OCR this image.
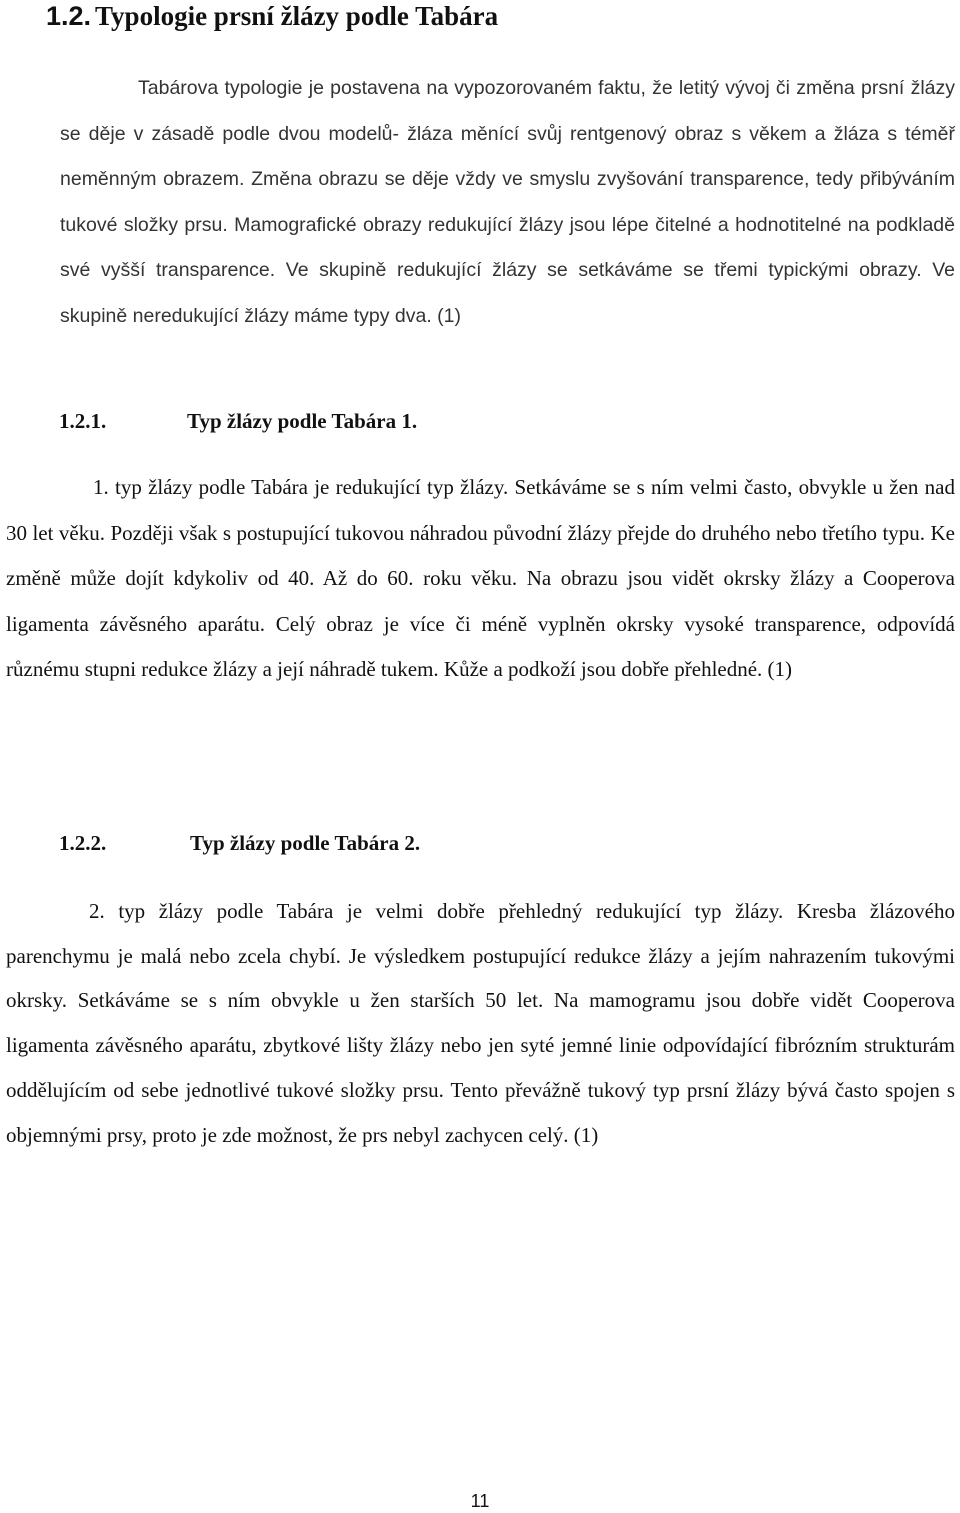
1.2. Typologie prsní žlázy podle Tabára

Tabárova typologie je postavena na vypozorovaném faktu, že letitý vývoj či změna prsní žlázy se děje v zásadě podle dvou modelů- žláza měnící svůj rentgenový obraz s věkem a žláza s téměř neměnným obrazem. Změna obrazu se děje vždy ve smyslu zvyšování transparence, tedy přibýváním tukové složky prsu. Mamografické obrazy redukující žlázy jsou lépe čitelné a hodnotitelné na podkladě své vyšší transparence. Ve skupině redukující žlázy se setkáváme se třemi typickými obrazy. Ve skupině neredukující žlázy máme typy dva. (1)

1.2.1.	Typ žlázy podle Tabára 1.

1. typ žlázy podle Tabára je redukující typ žlázy. Setkáváme se s ním velmi často, obvykle u žen nad 30 let věku. Později však s postupující tukovou náhradou původní žlázy přejde do druhého nebo třetího typu. Ke změně může dojít kdykoliv od 40. Až do 60. roku věku. Na obrazu jsou vidět okrsky žlázy a Cooperova ligamenta závěsného aparátu. Celý obraz je více či méně vyplněn okrsky vysoké transparence, odpovídá různému stupni redukce žlázy a její náhradě tukem. Kůže a podkoží jsou dobře přehledné. (1)

1.2.2.	Typ žlázy podle Tabára 2.

2. typ žlázy podle Tabára je velmi dobře přehledný redukující typ žlázy. Kresba žlázového parenchymu je malá nebo zcela chybí. Je výsledkem postupující redukce žlázy a jejím nahrazením tukovými okrsky. Setkáváme se s ním obvykle u žen starších 50 let. Na mamogramu jsou dobře vidět Cooperova ligamenta závěsného aparátu, zbytkové lišty žlázy nebo jen syté jemné linie odpovídající fibrózním strukturám oddělujícím od sebe jednotlivé tukové složky prsu. Tento převážně tukový typ prsní žlázy bývá často spojen s objemnými prsy, proto je zde možnost, že prs nebyl zachycen celý. (1)

11
